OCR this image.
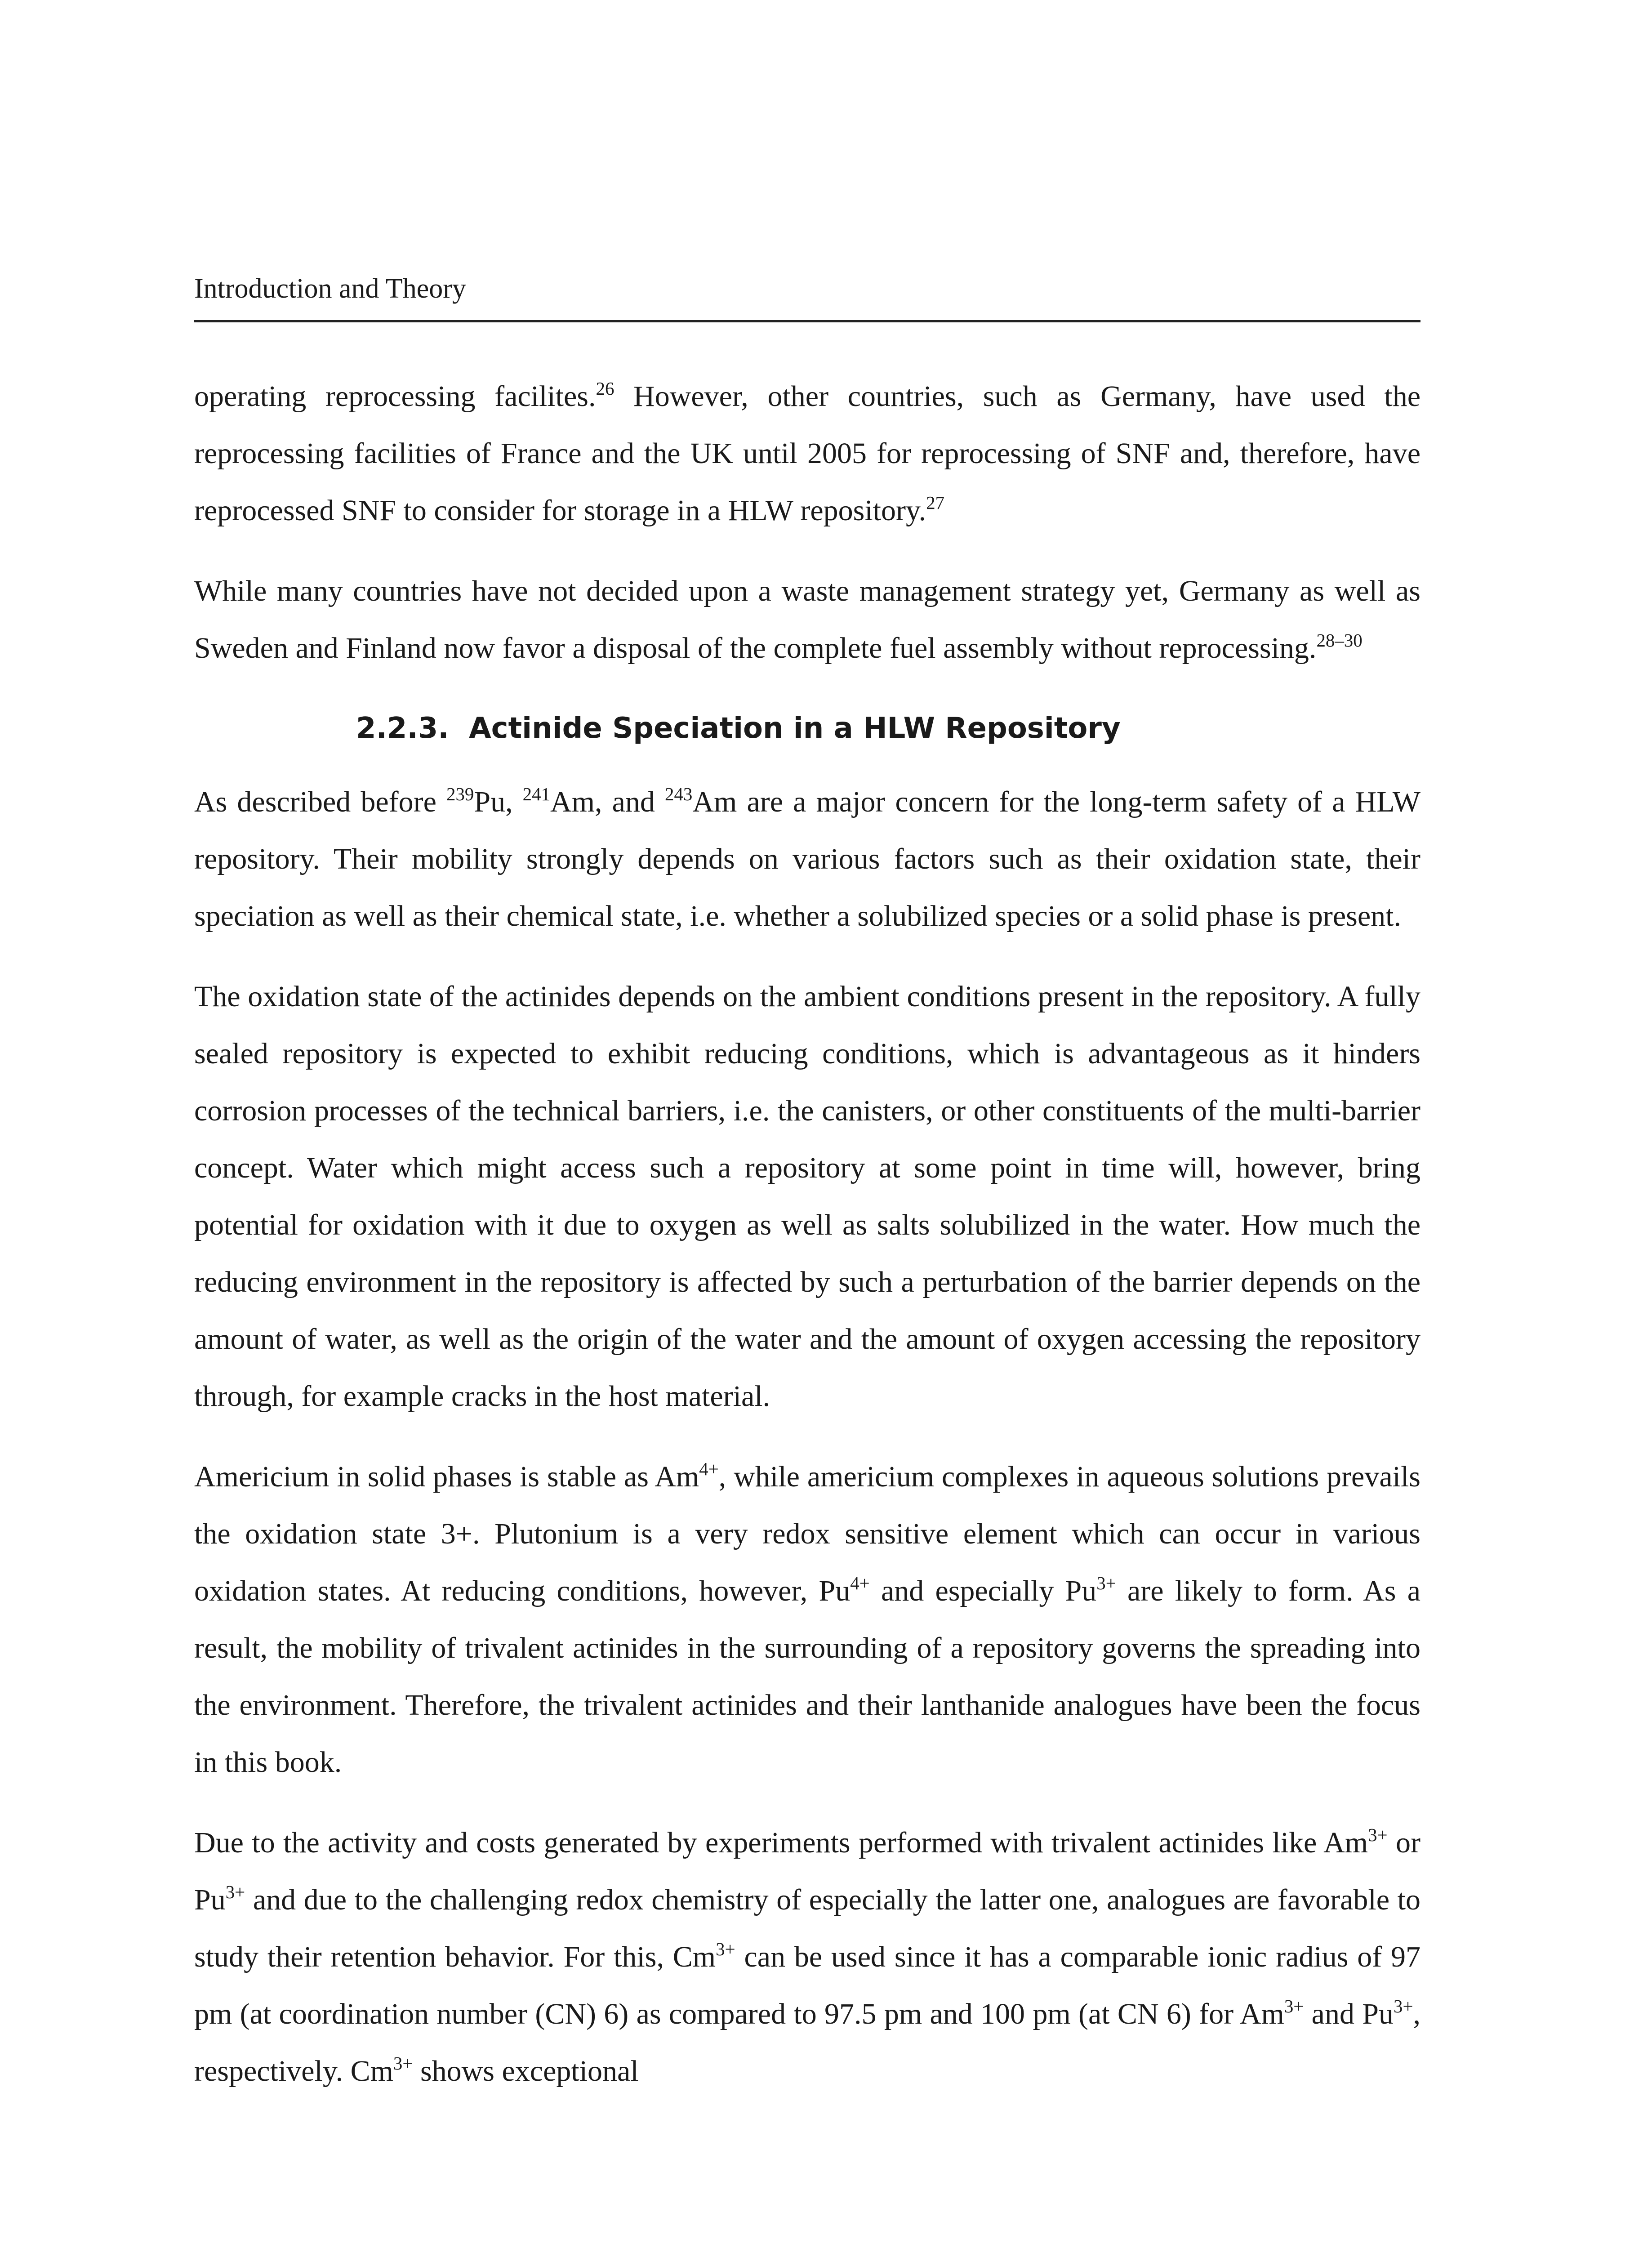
Introduction and Theory

operating reprocessing facilites.$^{26}$ However, other countries, such as Germany, have used the reprocessing facilities of France and the UK until 2005 for reprocessing of SNF and, therefore, have reprocessed SNF to consider for storage in a HLW repository.$^{27}$

While many countries have not decided upon a waste management strategy yet, Germany as well as Sweden and Finland now favor a disposal of the complete fuel assembly without reprocessing.$^{28-30}$

2.2.3. Actinide Speciation in a HLW Repository

As described before $^{239}$Pu, $^{241}$Am, and $^{243}$Am are a major concern for the long-term safety of a HLW repository. Their mobility strongly depends on various factors such as their oxidation state, their speciation as well as their chemical state, i.e. whether a solubilized species or a solid phase is present.

The oxidation state of the actinides depends on the ambient conditions present in the repository. A fully sealed repository is expected to exhibit reducing conditions, which is advantageous as it hinders corrosion processes of the technical barriers, i.e. the canisters, or other constituents of the multi-barrier concept. Water which might access such a repository at some point in time will, however, bring potential for oxidation with it due to oxygen as well as salts solubilized in the water. How much the reducing environment in the repository is affected by such a perturbation of the barrier depends on the amount of water, as well as the origin of the water and the amount of oxygen accessing the repository through, for example cracks in the host material.

Americium in solid phases is stable as $Am^{4+}$, while americium complexes in aqueous solutions prevails the oxidation state 3+. Plutonium is a very redox sensitive element which can occur in various oxidation states. At reducing conditions, however, $Pu^{4+}$ and especially $Pu^{3+}$ are likely to form. As a result, the mobility of trivalent actinides in the surrounding of a repository governs the spreading into the environment. Therefore, the trivalent actinides and their lanthanide analogues have been the focus in this book.

Due to the activity and costs generated by experiments performed with trivalent actinides like $Am^{3+}$ or $Pu^{3+}$ and due to the challenging redox chemistry of especially the latter one, analogues are favorable to study their retention behavior. For this, $Cm^{3+}$ can be used since it has a comparable ionic radius of 97 pm (at coordination number (CN) 6) as compared to 97.5 pm and 100 pm (at CN 6) for $Am^{3+}$ and $Pu^{3+}$, respectively. $Cm^{3+}$ shows exceptional
